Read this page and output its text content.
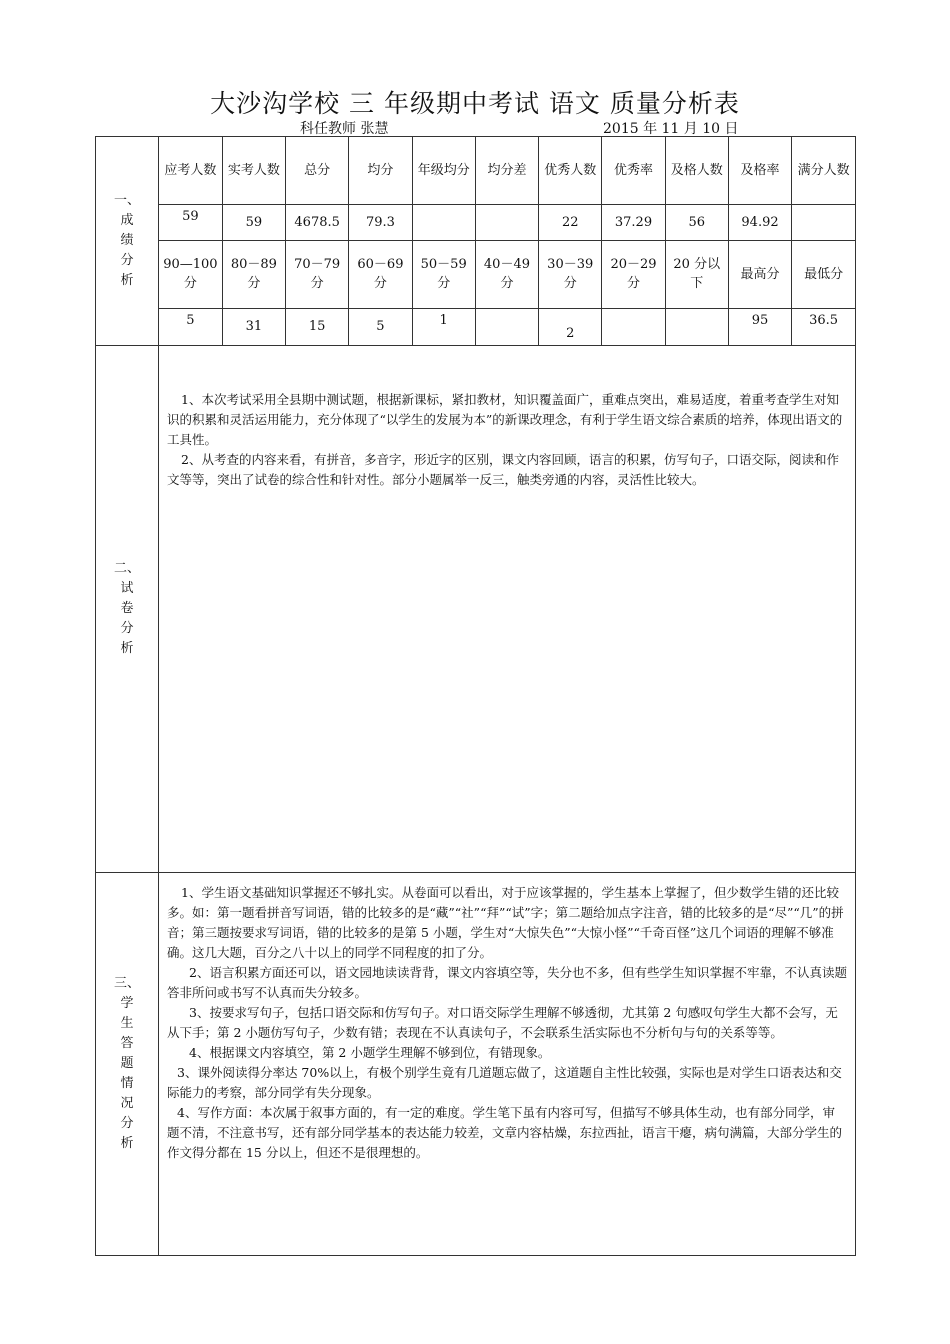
大沙沟学校 三 年级期中考试 语文 质量分析表
科任教师 张慧	2015 年 11 月 10 日
一、
成
绩
分
析

应考人数	实考人数	总分	均分	年级均分	均分差	优秀人数	优秀率	及格人数	及格率	满分人数
59	59	4678.5	79.3			22	37.29	56	94.92	
90—100分	80－89分	70－79分	60－69分	50－59分	40－49分	30－39分	20－29分	20 分以下	最高分	最低分
5	31	15	5	1		2			95	36.5

二、
试
卷
分
析

1、本次考试采用全县期中测试题，根据新课标，紧扣教材，知识覆盖面广，重难点突出，难易适度，着重考查学生对知识的积累和灵活运用能力，充分体现了“以学生的发展为本”的新课改理念，有利于学生语文综合素质的培养，体现出语文的工具性。

2、从考查的内容来看，有拼音，多音字，形近字的区别，课文内容回顾，语言的积累，仿写句子，口语交际，阅读和作文等等，突出了试卷的综合性和针对性。部分小题属举一反三，触类旁通的内容，灵活性比较大。

三、
学
生
答
题
情
况
分
析

1、学生语文基础知识掌握还不够扎实。从卷面可以看出，对于应该掌握的，学生基本上掌握了，但少数学生错的还比较多。如：第一题看拼音写词语，错的比较多的是“藏”“社”“拜”“试”字；第二题给加点字注音，错的比较多的是“尽”“几”的拼音；第三题按要求写词语，错的比较多的是第 5 小题，学生对“大惊失色”“大惊小怪”“千奇百怪”这几个词语的理解不够准确。这几大题，百分之八十以上的同学不同程度的扣了分。

2、语言积累方面还可以，语文园地读读背背，课文内容填空等，失分也不多，但有些学生知识掌握不牢靠，不认真读题答非所问或书写不认真而失分较多。

3、按要求写句子，包括口语交际和仿写句子。对口语交际学生理解不够透彻，尤其第 2 句感叹句学生大都不会写，无从下手；第 2 小题仿写句子，少数有错；表现在不认真读句子，不会联系生活实际也不分析句与句的关系等等。

4、根据课文内容填空，第 2 小题学生理解不够到位，有错现象。

3、课外阅读得分率达 70%以上，有极个别学生竟有几道题忘做了，这道题自主性比较强，实际也是对学生口语表达和交际能力的考察，部分同学有失分现象。

4、写作方面：本次属于叙事方面的，有一定的难度。学生笔下虽有内容可写，但描写不够具体生动，也有部分同学，审题不清，不注意书写，还有部分同学基本的表达能力较差，文章内容枯燥，东拉西扯，语言干瘪，病句满篇，大部分学生的作文得分都在 15 分以上，但还不是很理想的。
